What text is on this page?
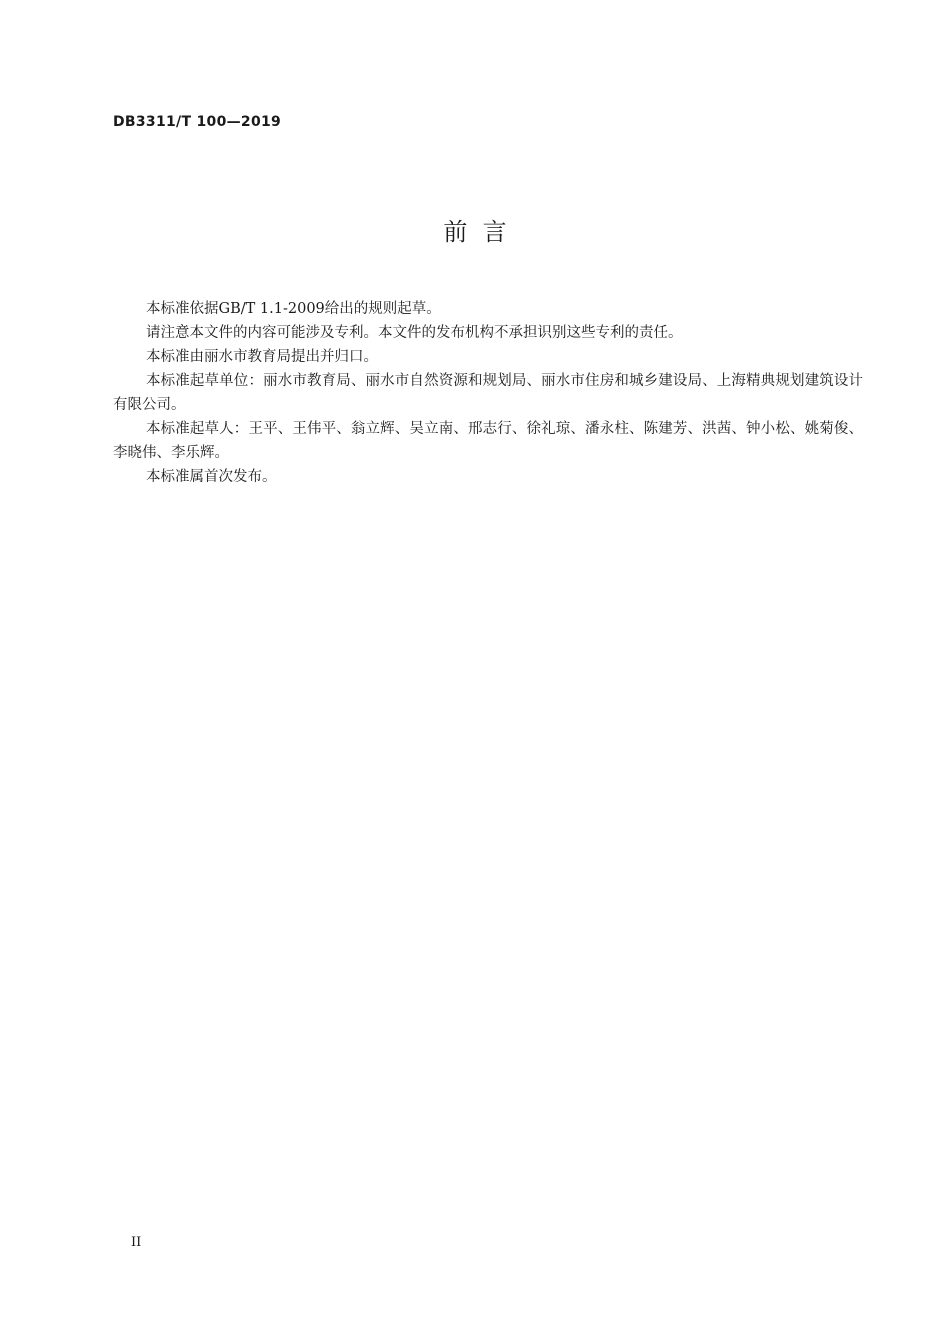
DB3311/T 100—2019
前  言

本标准依据GB/T 1.1-2009给出的规则起草。

请注意本文件的内容可能涉及专利。本文件的发布机构不承担识别这些专利的责任。

本标准由丽水市教育局提出并归口。

本标准起草单位：丽水市教育局、丽水市自然资源和规划局、丽水市住房和城乡建设局、上海精典规划建筑设计有限公司。

本标准起草人：王平、王伟平、翁立辉、吴立南、邢志行、徐礼琼、潘永柱、陈建芳、洪茜、钟小松、姚菊俊、李晓伟、李乐辉。

本标准属首次发布。

II
